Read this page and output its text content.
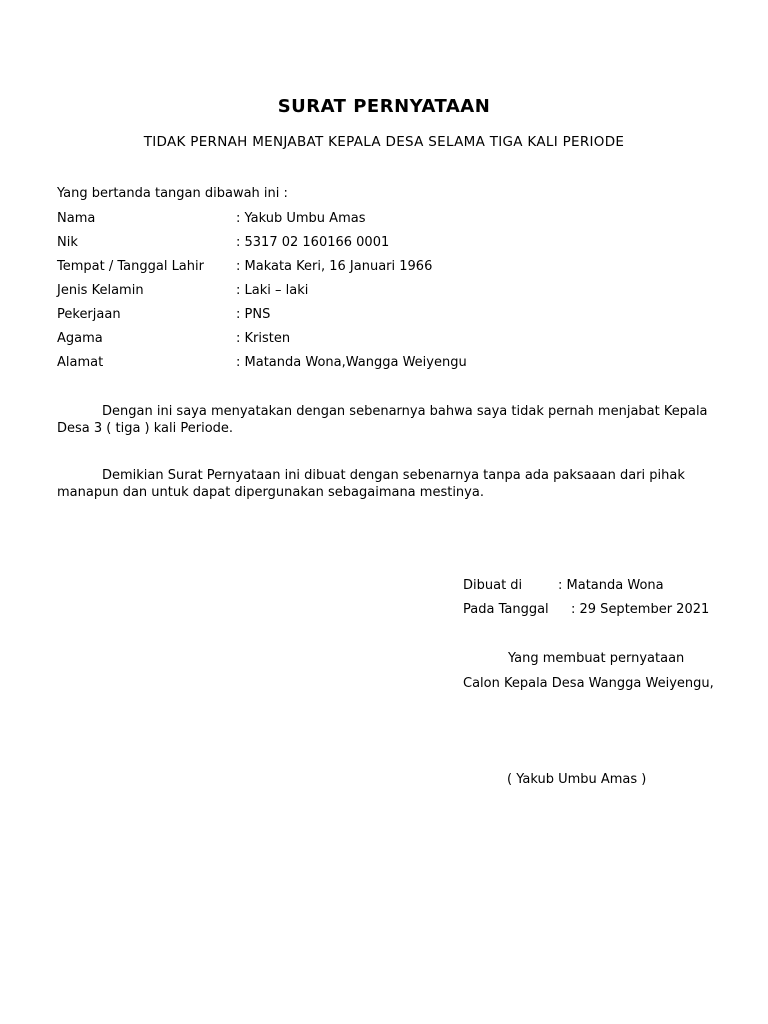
SURAT PERNYATAAN
TIDAK PERNAH MENJABAT KEPALA DESA SELAMA TIGA KALI PERIODE
Yang bertanda tangan dibawah ini :
Nama	: Yakub Umbu Amas
Nik	: 5317 02 160166 0001
Tempat / Tanggal Lahir : Makata Keri, 16 Januari 1966
Jenis Kelamin	: Laki – laki
Pekerjaan	: PNS
Agama	: Kristen
Alamat	: Matanda Wona,Wangga Weiyengu
Dengan ini saya menyatakan dengan sebenarnya bahwa saya tidak pernah menjabat Kepala Desa 3 ( tiga ) kali Periode.
Demikian Surat Pernyataan ini dibuat dengan sebenarnya tanpa ada paksaaan dari pihak manapun dan untuk dapat dipergunakan sebagaimana mestinya.
Dibuat di	: Matanda Wona
Pada Tanggal : 29 September 2021
Yang membuat pernyataan
Calon Kepala Desa Wangga Weiyengu,
( Yakub Umbu Amas )
